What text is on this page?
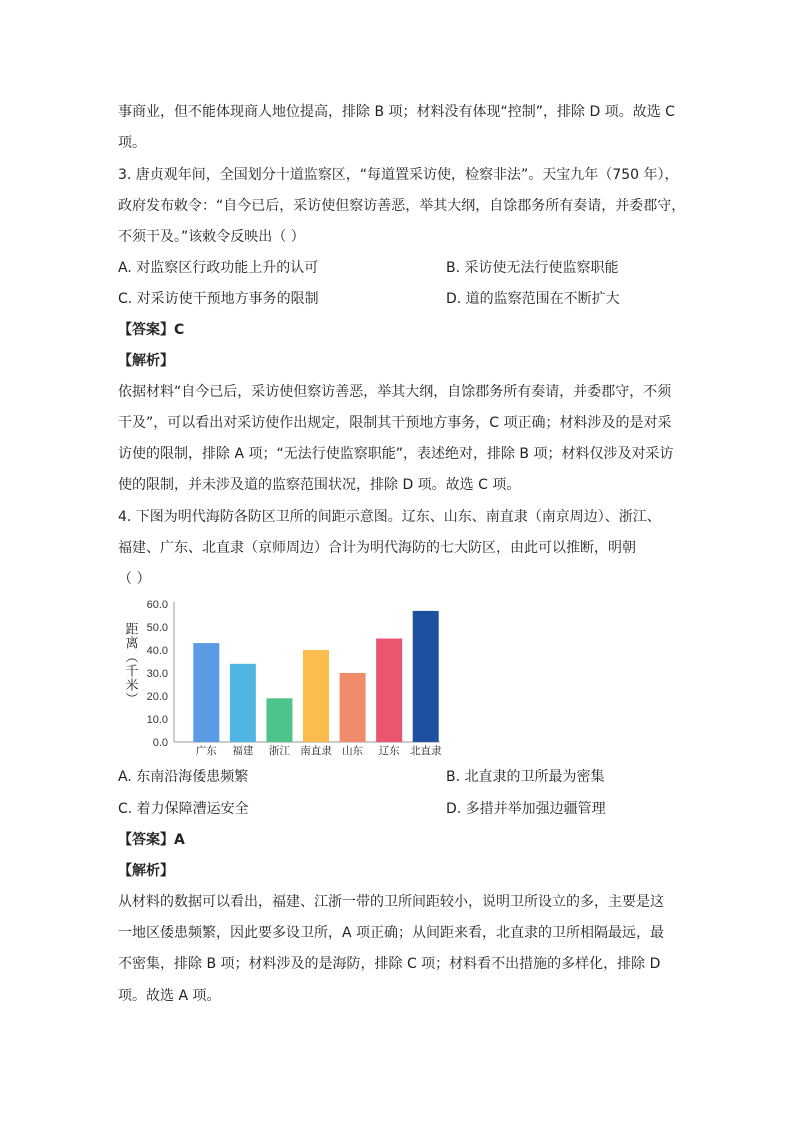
事商业，但不能体现商人地位提高，排除 B 项；材料没有体现“控制”，排除 D 项。故选 C
项。
3. 唐贞观年间，全国划分十道监察区，“每道置采访使，检察非法”。天宝九年（750 年），
政府发布敕令：“自今已后，采访使但察访善恶，举其大纲，自馀郡务所有奏请，并委郡守，
不须干及。”该敕令反映出（ ）
A. 对监察区行政功能上升的认可	B. 采访使无法行使监察职能
C. 对采访使干预地方事务的限制	D. 道的监察范围在不断扩大
【答案】C
【解析】
依据材料“自今已后，采访使但察访善恶，举其大纲，自馀郡务所有奏请，并委郡守，不须
干及”，可以看出对采访使作出规定，限制其干预地方事务，C 项正确；材料涉及的是对采
访使的限制，排除 A 项；“无法行使监察职能”，表述绝对，排除 B 项；材料仅涉及对采访
使的限制，并未涉及道的监察范围状况，排除 D 项。故选 C 项。
4. 下图为明代海防各防区卫所的间距示意图。辽东、山东、南直隶（南京周边）、浙江、
福建、广东、北直隶（京师周边）合计为明代海防的七大防区，由此可以推断，明朝
（ ）
0.0
10.0
20.0
30.0
40.0
50.0
60.0
距离（千米）
广东 福建 浙江 南直隶 山东 辽东 北直隶
A. 东南沿海倭患频繁	B. 北直隶的卫所最为密集
C. 着力保障漕运安全	D. 多措并举加强边疆管理
【答案】A
【解析】
从材料的数据可以看出，福建、江浙一带的卫所间距较小，说明卫所设立的多，主要是这
一地区倭患频繁，因此要多设卫所，A 项正确；从间距来看，北直隶的卫所相隔最远，最
不密集，排除 B 项；材料涉及的是海防，排除 C 项；材料看不出措施的多样化，排除 D
项。故选 A 项。
